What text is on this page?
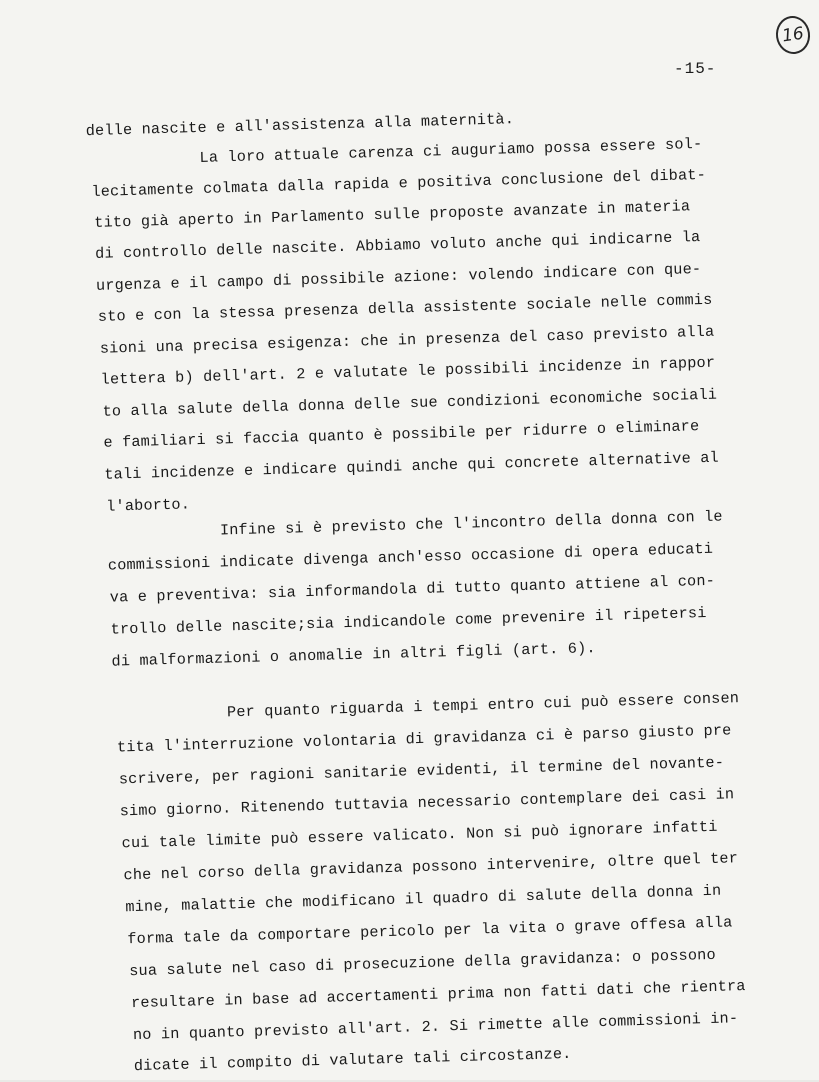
16
-15-
delle nascite e all'assistenza alla maternità.
La loro attuale carenza ci auguriamo possa essere sol-
lecitamente colmata dalla rapida e positiva conclusione del dibat-
tito già aperto in Parlamento sulle proposte avanzate in materia
di controllo delle nascite. Abbiamo voluto anche qui indicarne la
urgenza e il campo di possibile azione: volendo indicare con que-
sto e con la stessa presenza della assistente sociale nelle commis
sioni una precisa esigenza: che in presenza del caso previsto alla
lettera b) dell'art. 2 e valutate le possibili incidenze in rappor
to alla salute della donna delle sue condizioni economiche sociali
e familiari si faccia quanto è possibile per ridurre o eliminare
tali incidenze e indicare quindi anche qui concrete alternative al
l'aborto.
Infine si è previsto che l'incontro della donna con le
commissioni indicate divenga anch'esso occasione di opera educati
va e preventiva: sia informandola di tutto quanto attiene al con-
trollo delle nascite;sia indicandole come prevenire il ripetersi
di malformazioni o anomalie in altri figli (art. 6).
Per quanto riguarda i tempi entro cui può essere consen
tita l'interruzione volontaria di gravidanza ci è parso giusto pre
scrivere, per ragioni sanitarie evidenti, il termine del novante-
simo giorno. Ritenendo tuttavia necessario contemplare dei casi in
cui tale limite può essere valicato. Non si può ignorare infatti
che nel corso della gravidanza possono intervenire, oltre quel ter
mine, malattie che modificano il quadro di salute della donna in
forma tale da comportare pericolo per la vita o grave offesa alla
sua salute nel caso di prosecuzione della gravidanza: o possono
resultare in base ad accertamenti prima non fatti dati che rientra
no in quanto previsto all'art. 2. Si rimette alle commissioni in-
dicate il compito di valutare tali circostanze.
